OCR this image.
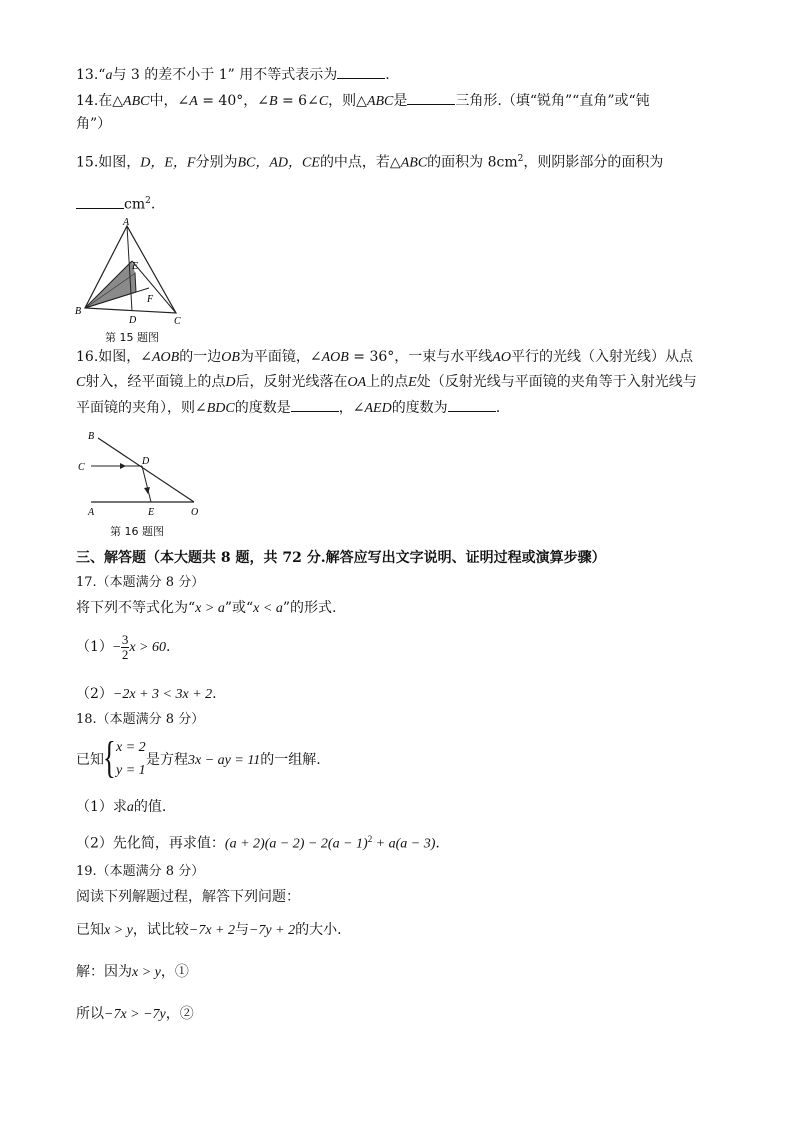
13.“a与 3 的差不小于 1” 用不等式表示为	.
14.在△ABC中，∠A = 40°，∠B = 6∠C，则△ABC是	三角形.（填“锐角”“直角”或“钝
角”）
15.如图，D，E，F分别为BC，AD，CE的中点，若△ABC的面积为 $8cm^2$，则阴影部分的面积为
$cm^2$.
A
B
C
D
E
F
第 15 题图
16.如图，∠AOB的一边OB为平面镜，∠AOB = 36°，一束与水平线AO平行的光线（入射光线）从点
C射入，经平面镜上的点D后，反射光线落在OA上的点E处（反射光线与平面镜的夹角等于入射光线与
平面镜的夹角），则∠BDC的度数是	，∠AED的度数为	.
B
C
D
A	E	O
第 16 题图
三、解答题（本大题共 8 题，共 72 分.解答应写出文字说明、证明过程或演算步骤）
17.（本题满分 8 分）
将下列不等式化为“x > a”或“x < a”的形式.
$(1)- \frac{3}{2}$ x > 60.
（2）−2x + 3 < 3x + 2.
18.（本题满分 8 分）
已知 { x = 2
y = 1
是方程3x − ay = 11的一组解.
（1）求a的值.
（2）先化简，再求值：$(a + 2)(a - 2) - 2(a - 1)^2 + a(a - 3)$.
19.（本题满分 8 分）
阅读下列解题过程，解答下列问题：
已知x > y，试比较−7x + 2与−7y + 2的大小.
解：因为x > y，①
所以−7x > −7y，②
